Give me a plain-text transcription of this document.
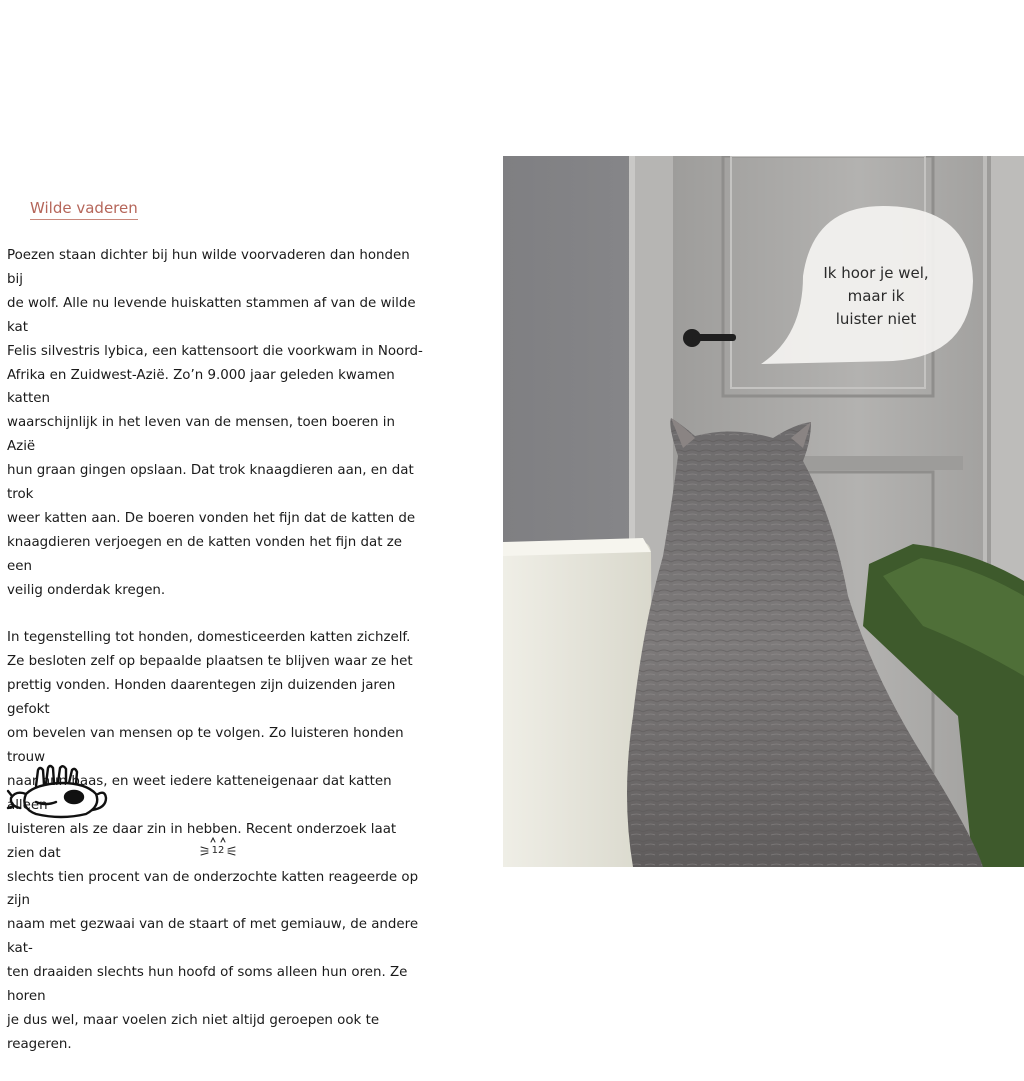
Wilde vaderen

Poezen staan dichter bij hun wilde voorvaderen dan honden bij
de wolf. Alle nu levende huiskatten stammen af van de wilde kat
Felis silvestris lybica, een kattensoort die voorkwam in Noord-
Afrika en Zuidwest-Azië. Zo’n 9.000 jaar geleden kwamen katten
waarschijnlijk in het leven van de mensen, toen boeren in Azië
hun graan gingen opslaan. Dat trok knaagdieren aan, en dat trok
weer katten aan. De boeren vonden het fijn dat de katten de
knaagdieren verjoegen en de katten vonden het fijn dat ze een
veilig onderdak kregen.

In tegenstelling tot honden, domesticeerden katten zichzelf.
Ze besloten zelf op bepaalde plaatsen te blijven waar ze het
prettig vonden. Honden daarentegen zijn duizenden jaren gefokt
om bevelen van mensen op te volgen. Zo luisteren honden trouw
naar hun baas, en weet iedere katteneigenaar dat katten alleen
luisteren als ze daar zin in hebben. Recent onderzoek laat zien dat
slechts tien procent van de onderzochte katten reageerde op zijn
naam met gezwaai van de staart of met gemiauw, de andere kat-
ten draaiden slechts hun hoofd of soms alleen hun oren. Ze horen
je dus wel, maar voelen zich niet altijd geroepen ook te reageren.

12
Ik hoor je wel,
maar ik
luister niet
